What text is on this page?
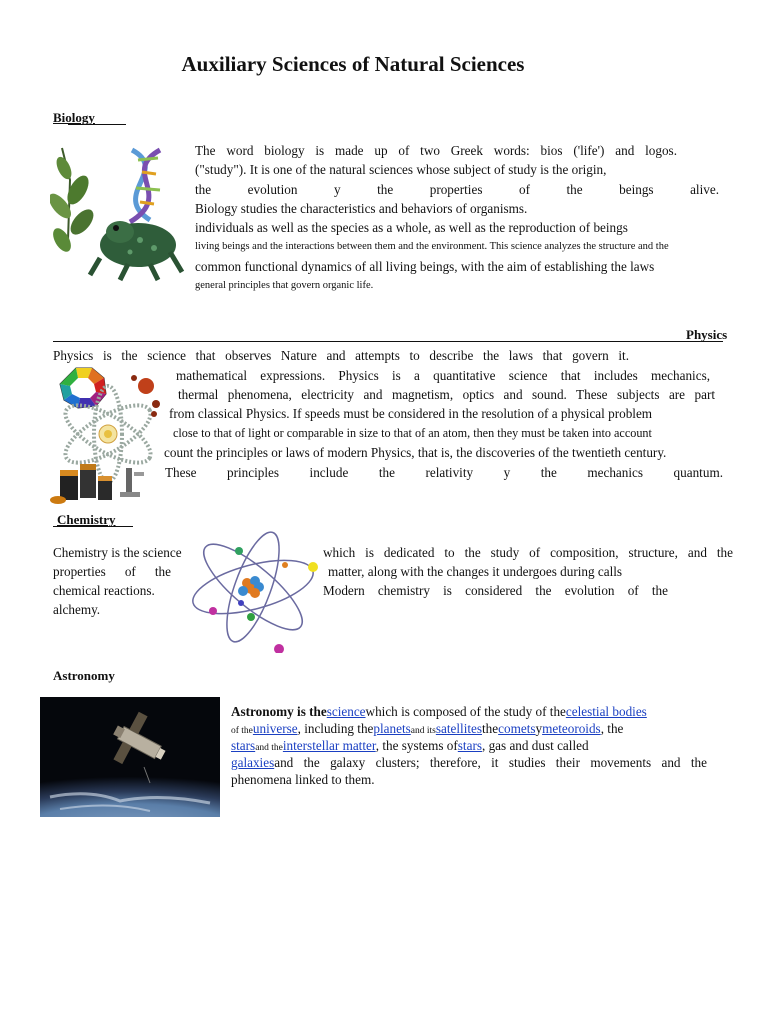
Auxiliary Sciences of Natural Sciences
Biology
The word biology is made up of two Greek words: bios ('life') and logos.
("study"). It is one of the natural sciences whose subject of study is the origin,
the evolution y the properties of the beings alive.
Biology studies the characteristics and behaviors of organisms.
individuals as well as the species as a whole, as well as the reproduction of beings
living beings and the interactions between them and the environment. This science analyzes the structure and the
common functional dynamics of all living beings, with the aim of establishing the laws
general principles that govern organic life.
Physics
Physics is the science that observes Nature and attempts to describe the laws that govern it.
mathematical expressions. Physics is a quantitative science that includes mechanics,
thermal phenomena, electricity and magnetism, optics and sound. These subjects are part
from classical Physics. If speeds must be considered in the resolution of a physical problem
close to that of light or comparable in size to that of an atom, then they must be taken into account
count the principles or laws of modern Physics, that is, the discoveries of the twentieth century.
These principles include the relativity y the mechanics quantum.
Chemistry
Chemistry is the science
properties of the
chemical reactions.
alchemy.
which is dedicated to the study of composition, structure, and the
matter, along with the changes it undergoes during calls
Modern chemistry is considered the evolution of the
Astronomy
Astronomy is thesciencewhich is composed of the study of thecelestial bodies
of theuniverse, including theplanetsand itssatellitesthecometsymeteoroids, the
starsand theinterstellar matter, the systems ofstars, gas and dust called
galaxiesand the galaxy clusters; therefore, it studies their movements and the
phenomena linked to them.
